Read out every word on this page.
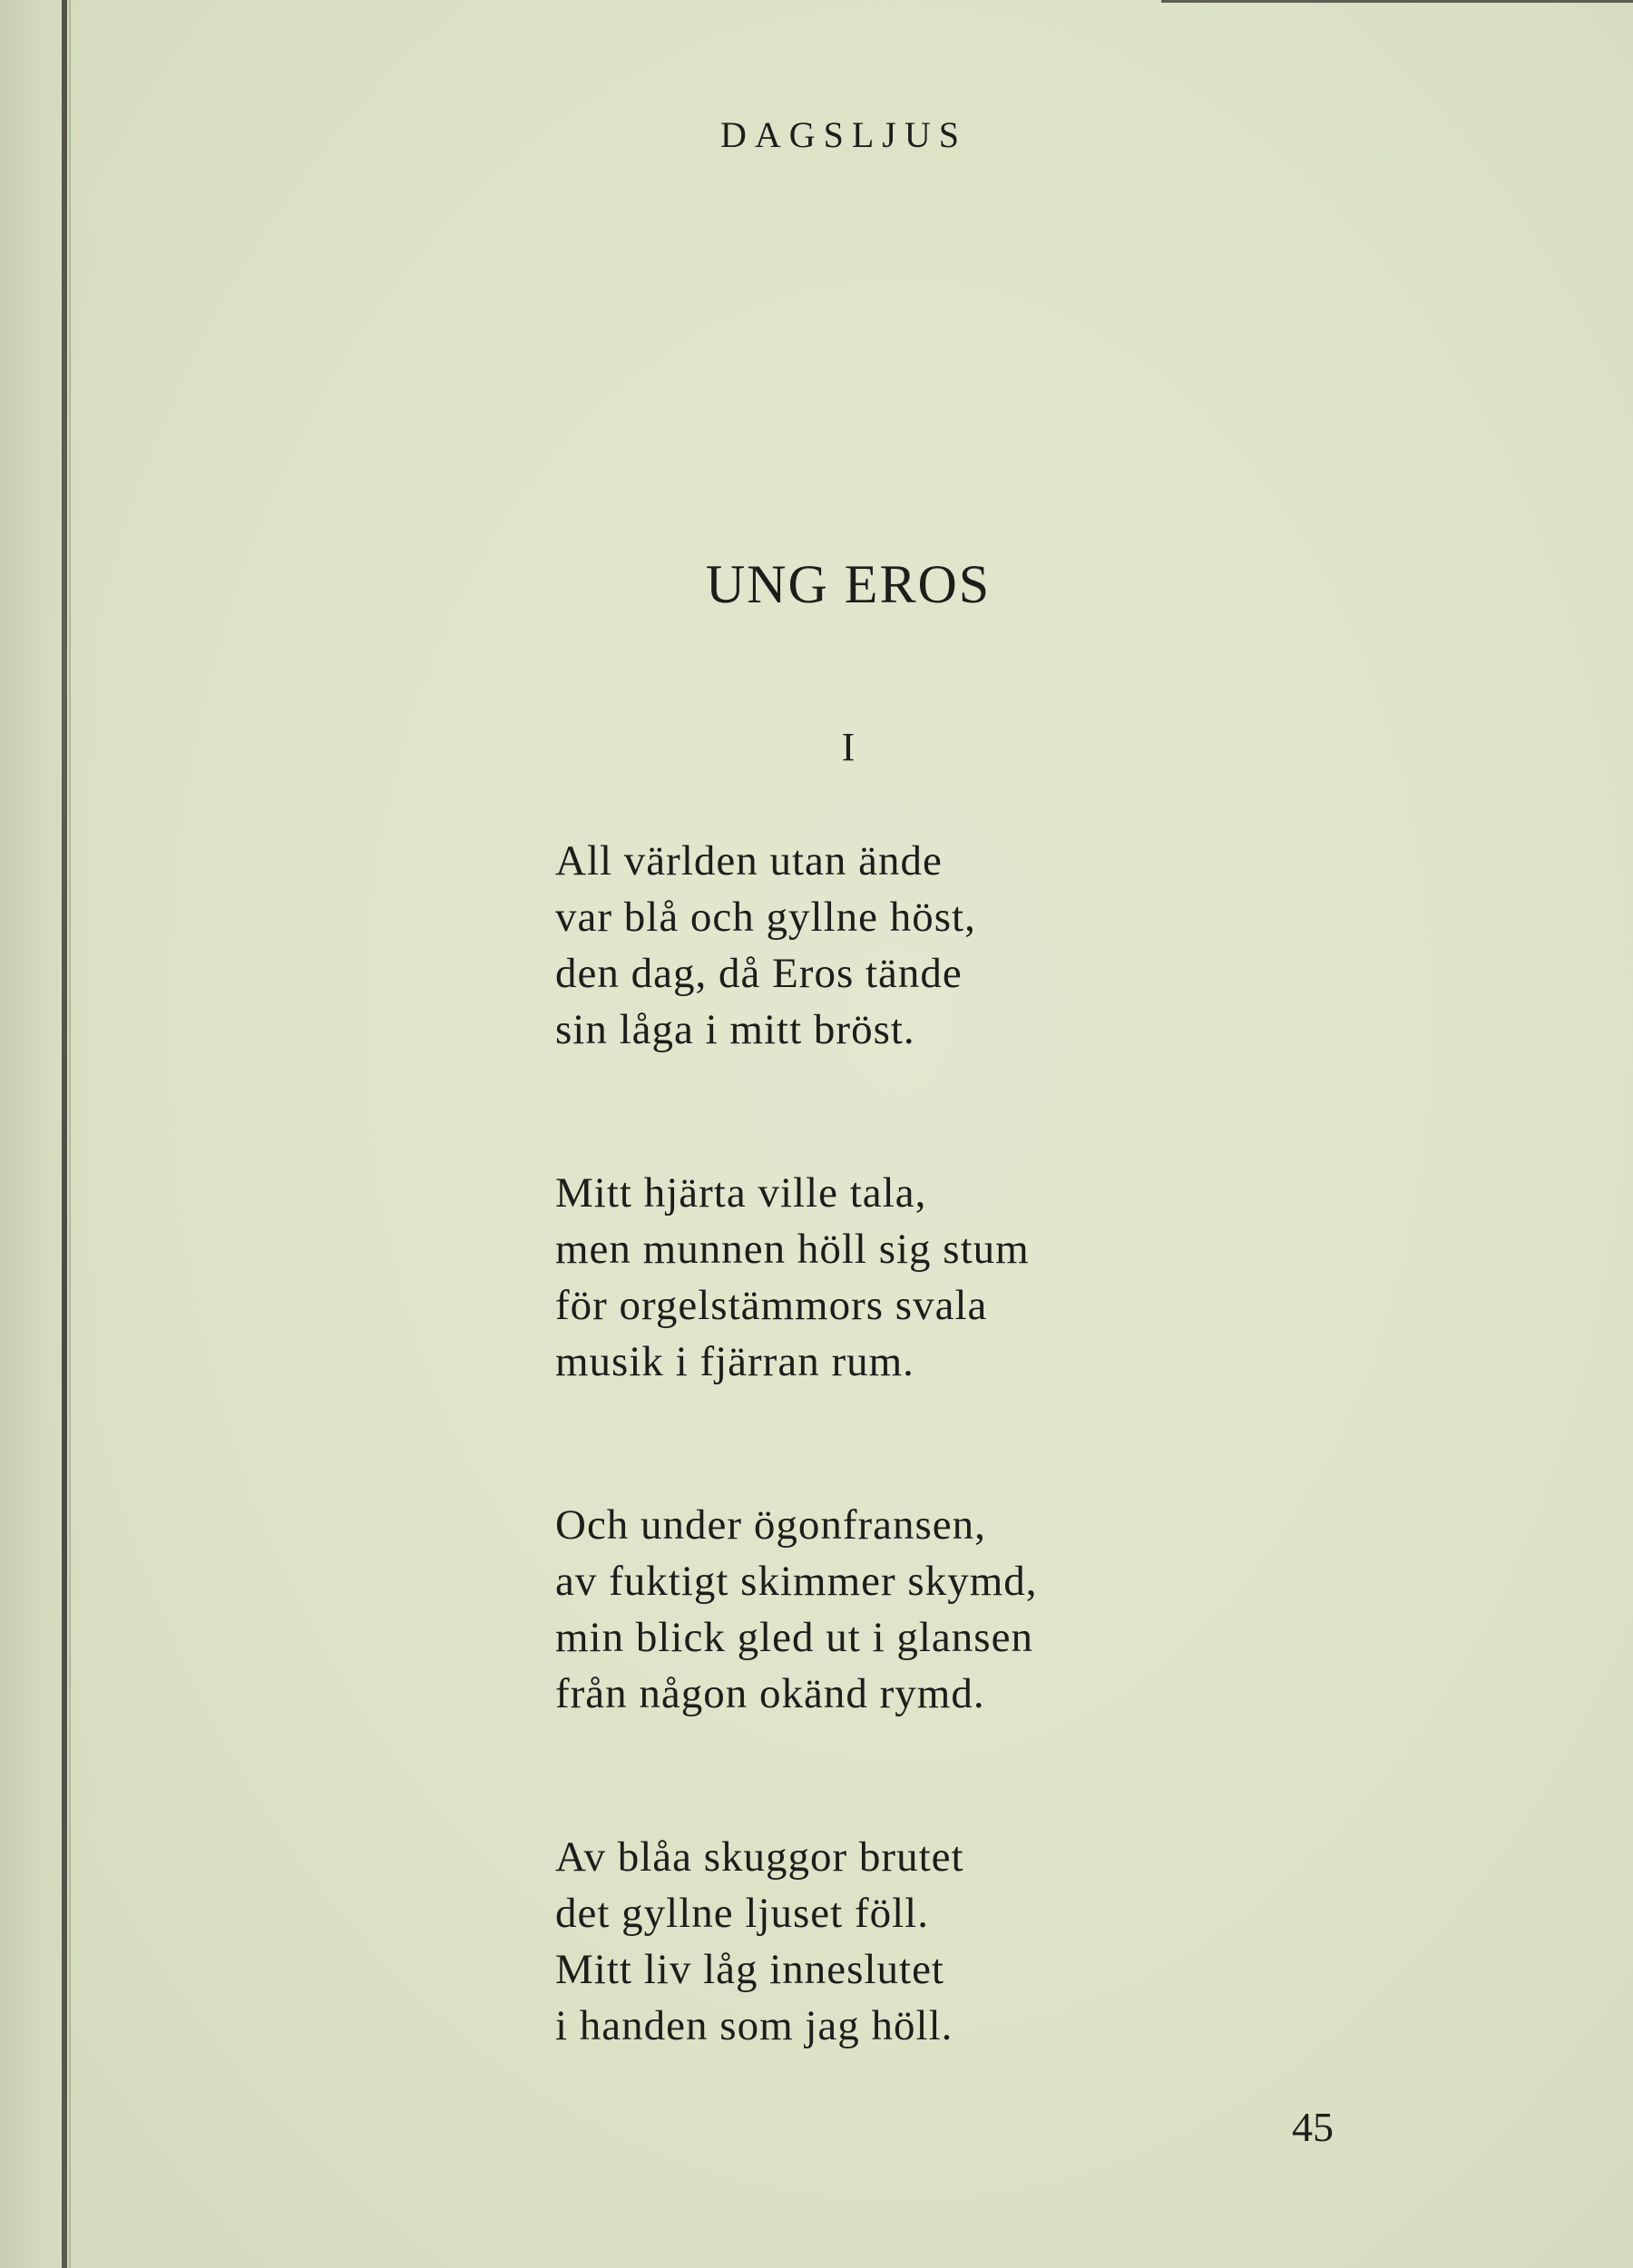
DAGSLJUS
UNG EROS
I
All världen utan ände
var blå och gyllne höst,
den dag, då Eros tände
sin låga i mitt bröst.
Mitt hjärta ville tala,
men munnen höll sig stum
för orgelstämmors svala
musik i fjärran rum.
Och under ögonfransen,
av fuktigt skimmer skymd,
min blick gled ut i glansen
från någon okänd rymd.
Av blåa skuggor brutet
det gyllne ljuset föll.
Mitt liv låg inneslutet
i handen som jag höll.
45
